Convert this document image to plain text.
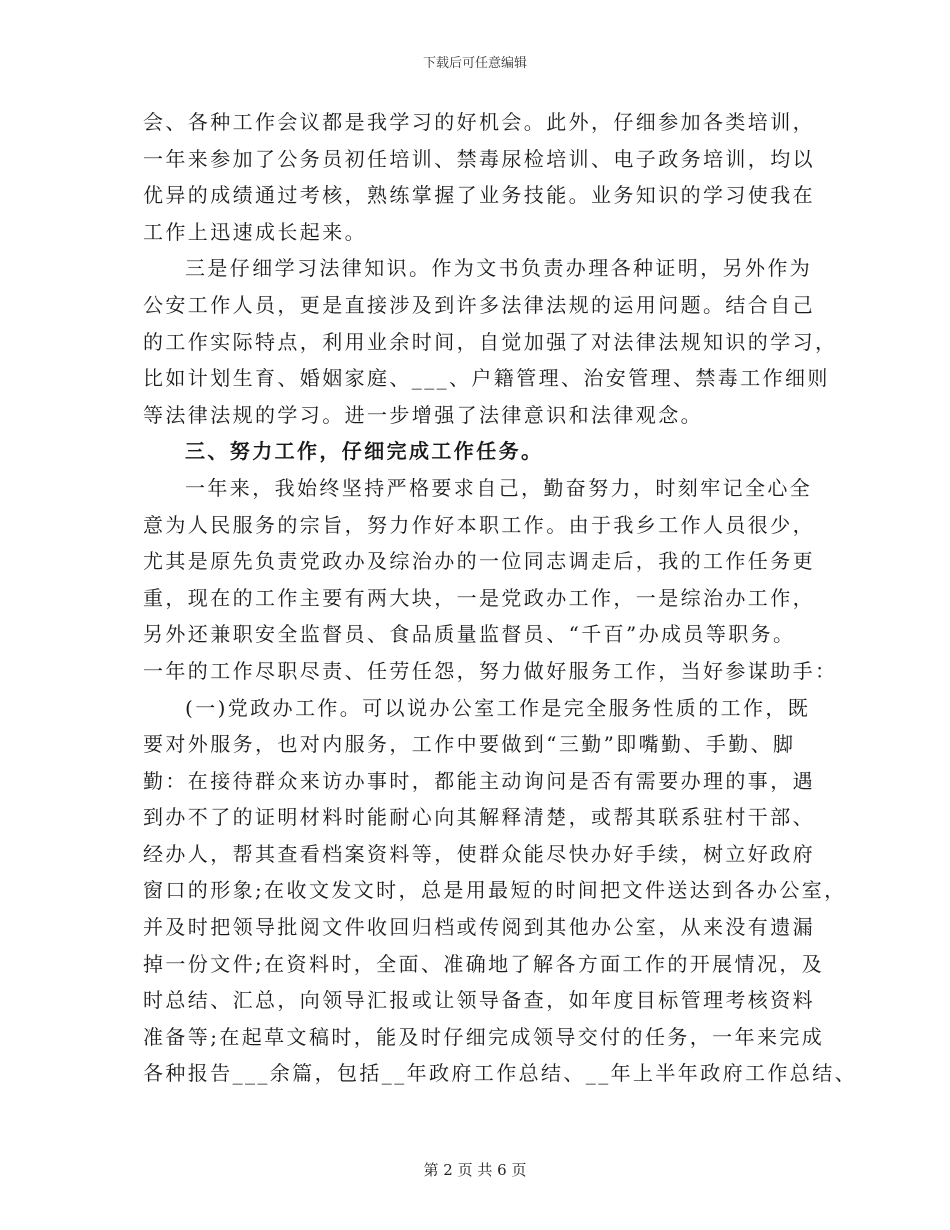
下载后可任意编辑
会、各种工作会议都是我学习的好机会。此外，仔细参加各类培训，
一年来参加了公务员初任培训、禁毒尿检培训、电子政务培训，均以
优异的成绩通过考核，熟练掌握了业务技能。业务知识的学习使我在
工作上迅速成长起来。
三是仔细学习法律知识。作为文书负责办理各种证明，另外作为
公安工作人员，更是直接涉及到许多法律法规的运用问题。结合自己
的工作实际特点，利用业余时间，自觉加强了对法律法规知识的学习，
比如计划生育、婚姻家庭、___、户籍管理、治安管理、禁毒工作细则
等法律法规的学习。进一步增强了法律意识和法律观念。
三、努力工作，仔细完成工作任务。
一年来，我始终坚持严格要求自己，勤奋努力，时刻牢记全心全
意为人民服务的宗旨，努力作好本职工作。由于我乡工作人员很少，
尤其是原先负责党政办及综治办的一位同志调走后，我的工作任务更
重，现在的工作主要有两大块，一是党政办工作，一是综治办工作，
另外还兼职安全监督员、食品质量监督员、“千百”办成员等职务。
一年的工作尽职尽责、任劳任怨，努力做好服务工作，当好参谋助手：
(一)党政办工作。可以说办公室工作是完全服务性质的工作，既
要对外服务，也对内服务，工作中要做到“三勤”即嘴勤、手勤、脚
勤：在接待群众来访办事时，都能主动询问是否有需要办理的事，遇
到办不了的证明材料时能耐心向其解释清楚，或帮其联系驻村干部、
经办人，帮其查看档案资料等，使群众能尽快办好手续，树立好政府
窗口的形象;在收文发文时，总是用最短的时间把文件送达到各办公室，
并及时把领导批阅文件收回归档或传阅到其他办公室，从来没有遗漏
掉一份文件;在资料时，全面、准确地了解各方面工作的开展情况，及
时总结、汇总，向领导汇报或让领导备查，如年度目标管理考核资料
准备等;在起草文稿时，能及时仔细完成领导交付的任务，一年来完成
各种报告___余篇，包括__年政府工作总结、__年上半年政府工作总结、
第 2 页 共 6 页
